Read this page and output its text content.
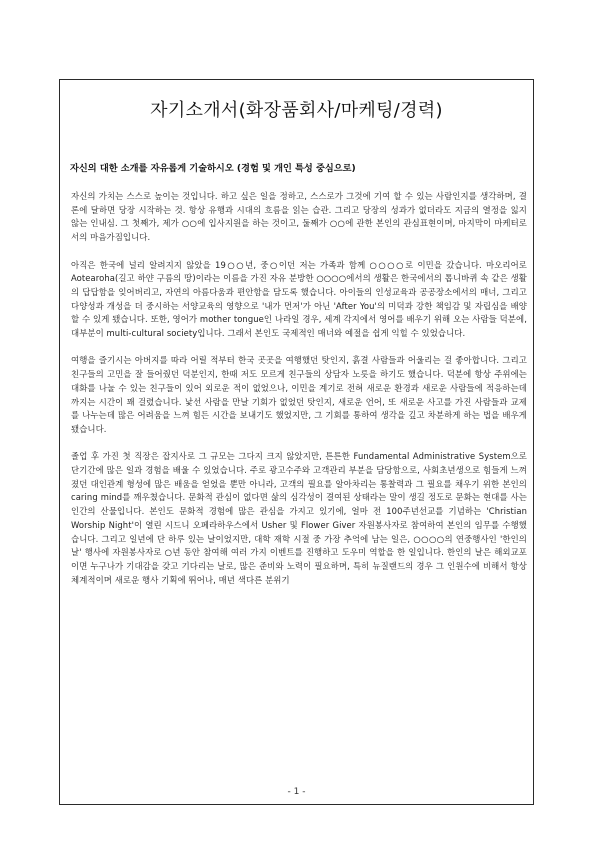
자기소개서(화장품회사/마케팅/경력)
자신의 대한 소개를 자유롭게 기술하시오 (경험 및 개인 특성 중심으로)

자신의 가치는 스스로 높이는 것입니다. 하고 싶은 일을 정하고, 스스로가 그것에 기여 할 수 있는 사람인지를 생각하며, 결론에 달하면 당장 시작하는 것. 항상 유행과 시대의 흐름을 읽는 습관. 그리고 당장의 성과가 없더라도 지금의 열정을 잃지 않는 인내심. 그 첫째가, 제가 ○○에 입사지원을 하는 것이고, 둘째가 ○○에 관한 본인의 관심표현이며, 마지막이 마케터로서의 마음가짐입니다.

아직은 한국에 널리 알려지지 않았을 19○○년, 중○이던 저는 가족과 함께 ○○○○로 이민을 갔습니다. 마오리어로 Aotearoha(길고 하얀 구름의 땅)이라는 이름을 가진 자유 분방한 ○○○○에서의 생활은 한국에서의 톱니바퀴 속 같은 생활의 답답함을 잊어버리고, 자연의 아름다움과 편안함을 담도록 했습니다. 아이들의 인성교육과 공공장소에서의 매너, 그리고 다양성과 개성을 더 중시하는 서양교육의 영향으로 '내가 먼저'가 아닌 'After You'의 미덕과 강한 책임감 및 자립심을 배양 할 수 있게 됐습니다. 또한, 영어가 mother tongue인 나라일 경우, 세계 각지에서 영어를 배우기 위해 오는 사람들 덕분에, 대부분이 multi-cultural society입니다. 그래서 본인도 국제적인 매너와 예절을 쉽게 익힐 수 있었습니다.

여행을 즐기시는 아버지를 따라 어릴 적부터 한국 곳곳을 여행했던 탓인지, 흙결 사람들과 어울리는 걸 좋아합니다. 그리고 친구들의 고민을 잘 들어줬던 덕분인지, 한때 저도 모르게 친구들의 상담자 노릇을 하기도 했습니다. 덕분에 항상 주위에는 대화를 나눌 수 있는 친구들이 있어 외로운 적이 없었으나, 이민을 계기로 전혀 새로운 환경과 새로운 사람들에 적응하는데 까지는 시간이 꽤 걸렸습니다. 낯선 사람을 만날 기회가 없었던 탓인지, 새로운 언어, 또 새로운 사고를 가진 사람들과 교제를 나누는데 많은 어려움을 느껴 힘든 시간을 보내기도 했었지만, 그 기회를 통하여 생각을 깊고 차분하게 하는 법을 배우게 됐습니다.

졸업 후 가진 첫 직장은 잡지사로 그 규모는 그다지 크지 않았지만, 튼튼한 Fundamental Administrative System으로 단기간에 많은 일과 경험을 배울 수 있었습니다. 주로 광고수주와 고객관리 부분을 담당함으로, 사회초년생으로 힘들게 느껴졌던 대인관계 형성에 많은 배움을 얻었을 뿐만 아니라, 고객의 필요를 알아차리는 통찰력과 그 필요를 채우기 위한 본인의 caring mind를 깨우쳤습니다. 문화적 관심이 없다면 삶의 심각성이 결여된 상태라는 말이 생길 정도로 문화는 현대를 사는 인간의 산물입니다. 본인도 문화적 경험에 많은 관심을 가지고 있기에, 얼마 전 100주년선교를 기념하는 'Christian Worship Night'이 열린 시드니 오페라하우스에서 Usher 및 Flower Giver 자원봉사자로 참여하여 본인의 임무를 수행했습니다. 그리고 일년에 단 하루 있는 날이었지만, 대학 재학 시절 중 가장 추억에 남는 일은, ○○○○의 연중행사인 '한인의 날' 행사에 자원봉사자로 ○년 동안 참여해 여러 가지 이벤트를 진행하고 도우미 역할을 한 일입니다. 한인의 날은 해외교포이면 누구나가 기대감을 갖고 기다리는 날로, 많은 준비와 노력이 필요하며, 특히 뉴질랜드의 경우 그 인원수에 비해서 항상 체계적이며 새로운 행사 기획에 뛰어나, 매년 색다른 분위기

- 1 -
